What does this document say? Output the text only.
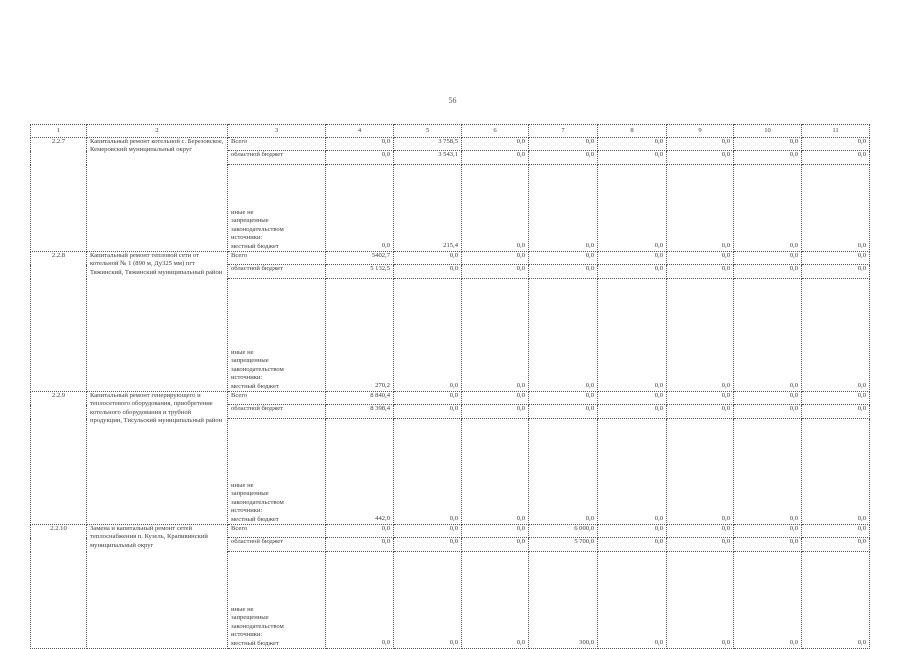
56
1	2	3	4	5	6	7	8	9	10	11
2.2.7	Капитальный ремонт котельной с. Березовское, Кемеровский муниципальный округ	Всего	0,0	3 758,5	0,0	0,0	0,0	0,0	0,0	0,0
		областной бюджет	0,0	3 543,1	0,0	0,0	0,0	0,0	0,0	0,0

		иные не
запрещенные
законодательством
источники:
местный бюджет	0,0	215,4	0,0	0,0	0,0	0,0	0,0	0,0
2.2.8	Капитальный ремонт тепловой сети от котельной № 1 (890 м, Ду325 мм) пгт Тяжинский, Тяжинский муниципальный район	Всего	5402,7	0,0	0,0	0,0	0,0	0,0	0,0	0,0
		областной бюджет	5 132,5	0,0	0,0	0,0	0,0	0,0	0,0	0,0

		иные не
запрещенные
законодательством
источники:
местный бюджет	270,2	0,0	0,0	0,0	0,0	0,0	0,0	0,0
2.2.9	Капитальный ремонт генерирующего и теплосетевого оборудования, приобретение котельного оборудования и трубной продукции, Тисульский муниципальный район	Всего	8 840,4	0,0	0,0	0,0	0,0	0,0	0,0	0,0
		областной бюджет	8 398,4	0,0	0,0	0,0	0,0	0,0	0,0	0,0

		иные не
запрещенные
законодательством
источники:
местный бюджет	442,0	0,0	0,0	0,0	0,0	0,0	0,0	0,0
2.2.10	Замена и капитальный ремонт сетей теплоснабжения п. Кузель, Крапивинский муниципальный округ	Всего	0,0	0,0	0,0	6 000,0	0,0	0,0	0,0	0,0
		областной бюджет	0,0	0,0	0,0	5 700,0	0,0	0,0	0,0	0,0

		иные не
запрещенные
законодательством
источники:
местный бюджет	0,0	0,0	0,0	300,0	0,0	0,0	0,0	0,0
